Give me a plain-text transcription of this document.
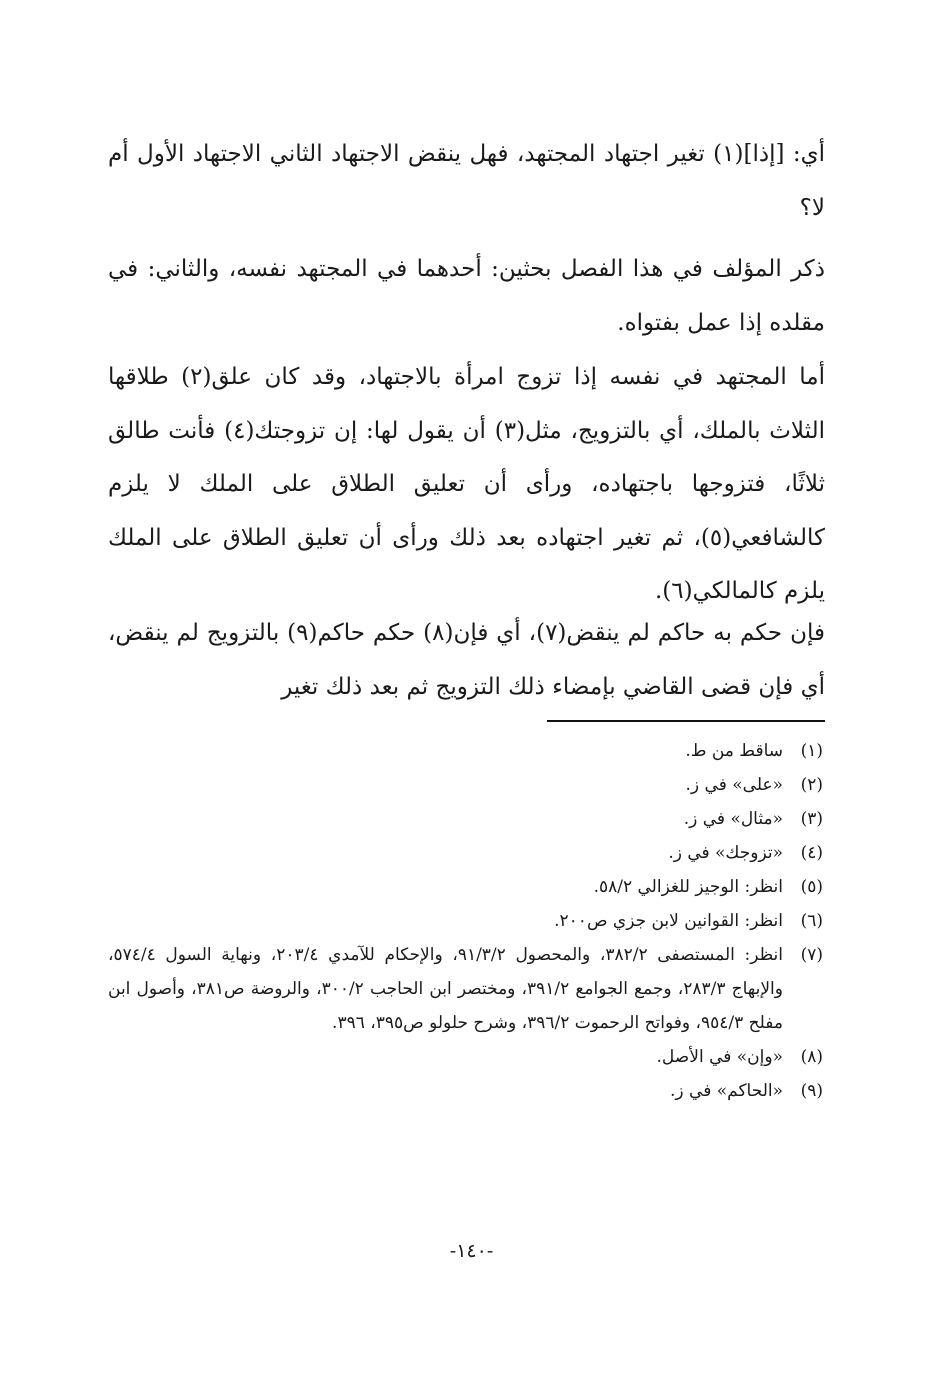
أي: [إذا](١) تغير اجتهاد المجتهد، فهل ينقض الاجتهاد الثاني الاجتهاد الأول أم لا؟

ذكر المؤلف في هذا الفصل بحثين: أحدهما في المجتهد نفسه، والثاني: في مقلده إذا عمل بفتواه.

أما المجتهد في نفسه إذا تزوج امرأة بالاجتهاد، وقد كان علق(٢) طلاقها الثلاث بالملك، أي بالتزويج، مثل(٣) أن يقول لها: إن تزوجتك(٤) فأنت طالق ثلاثًا، فتزوجها باجتهاده، ورأى أن تعليق الطلاق على الملك لا يلزم كالشافعي(٥)، ثم تغير اجتهاده بعد ذلك ورأى أن تعليق الطلاق على الملك يلزم كالمالكي(٦).

فإن حكم به حاكم لم ينقض(٧)، أي فإن(٨) حكم حاكم(٩) بالتزويج لم ينقض، أي فإن قضى القاضي بإمضاء ذلك التزويج ثم بعد ذلك تغير

(١)
ساقط من ط.
(٢)
«على» في ز.
(٣)
«مثال» في ز.
(٤)
«تزوجك» في ز.
(٥)
انظر: الوجيز للغزالي ٥٨/٢.
(٦)
انظر: القوانين لابن جزي ص٢٠٠.
(٧)
انظر: المستصفى ٣٨٢/٢، والمحصول ٩١/٣/٢، والإحكام للآمدي ٢٠٣/٤، ونهاية السول ٥٧٤/٤، والإبهاج ٢٨٣/٣، وجمع الجوامع ٣٩١/٢، ومختصر ابن الحاجب ٣٠٠/٢، والروضة ص٣٨١، وأصول ابن مفلح ٩٥٤/٣، وفواتح الرحموت ٣٩٦/٢، وشرح حلولو ص٣٩٥، ٣٩٦.
(٨)
«وإن» في الأصل.
(٩)
«الحاكم» في ز.
-١٤٠-
